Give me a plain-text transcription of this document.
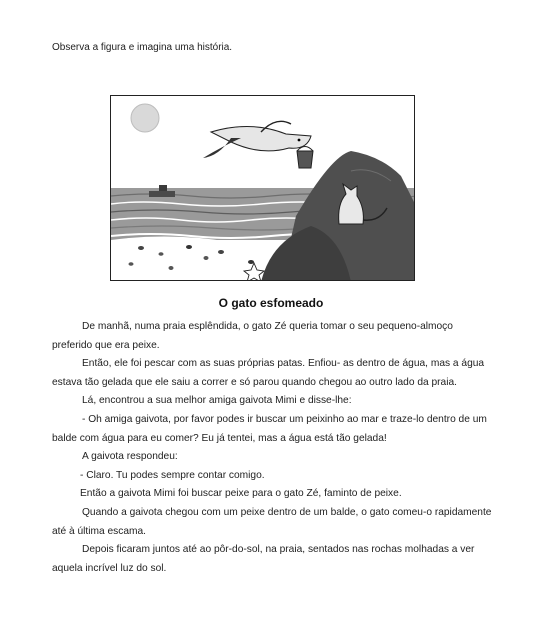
Observa a figura e imagina uma história.
O gato esfomeado

De manhã, numa praia esplêndida, o gato Zé queria tomar o seu pequeno-almoço preferido que era peixe.

Então, ele foi pescar com as suas próprias patas. Enfiou- as dentro de água, mas a água estava tão gelada que ele saiu a correr e só parou quando chegou ao outro lado da praia.

Lá, encontrou a sua melhor amiga gaivota Mimi e disse-lhe:

- Oh amiga gaivota, por favor podes ir buscar um peixinho ao mar e traze-lo dentro de um balde com água para eu comer? Eu já tentei, mas a água está tão gelada!

A gaivota respondeu:

- Claro. Tu podes sempre contar comigo.

Então a gaivota Mimi foi buscar peixe para o gato Zé, faminto de peixe.

Quando a gaivota chegou com um peixe dentro de um balde, o gato comeu-o rapidamente até à última escama.

Depois ficaram juntos até ao pôr-do-sol, na praia, sentados nas rochas molhadas a ver aquela incrível luz do sol.
